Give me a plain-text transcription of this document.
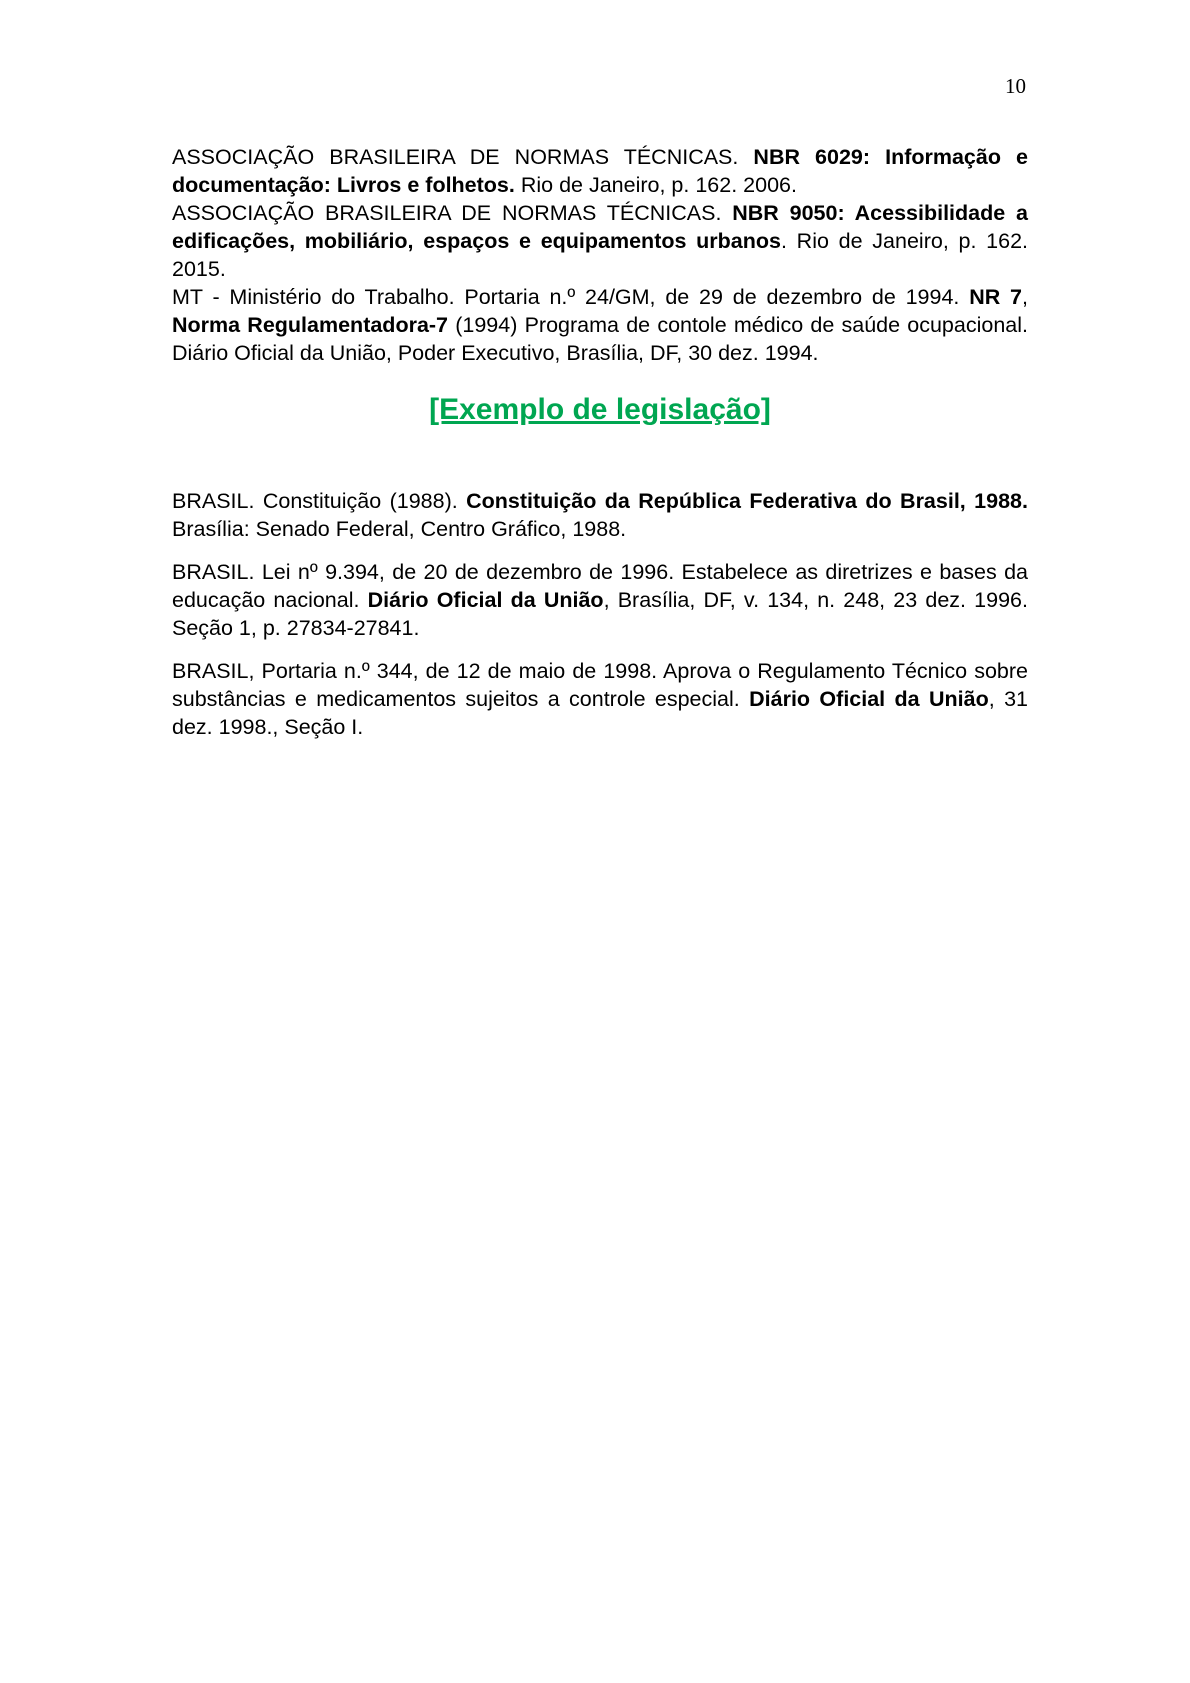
10

ASSOCIAÇÃO BRASILEIRA DE NORMAS TÉCNICAS. NBR 6029: Informação e documentação: Livros e folhetos. Rio de Janeiro, p. 162. 2006.

ASSOCIAÇÃO BRASILEIRA DE NORMAS TÉCNICAS. NBR 9050: Acessibilidade a edificações, mobiliário, espaços e equipamentos urbanos. Rio de Janeiro, p. 162. 2015.

MT - Ministério do Trabalho. Portaria n.º 24/GM, de 29 de dezembro de 1994. NR 7, Norma Regulamentadora-7 (1994) Programa de contole médico de saúde ocupacional. Diário Oficial da União, Poder Executivo, Brasília, DF, 30 dez. 1994.

[Exemplo de legislação]

BRASIL. Constituição (1988). Constituição da República Federativa do Brasil, 1988. Brasília: Senado Federal, Centro Gráfico, 1988.

BRASIL. Lei nº 9.394, de 20 de dezembro de 1996. Estabelece as diretrizes e bases da educação nacional. Diário Oficial da União, Brasília, DF, v. 134, n. 248, 23 dez. 1996. Seção 1, p. 27834-27841.

BRASIL, Portaria n.º 344, de 12 de maio de 1998. Aprova o Regulamento Técnico sobre substâncias e medicamentos sujeitos a controle especial. Diário Oficial da União, 31 dez. 1998., Seção I.
